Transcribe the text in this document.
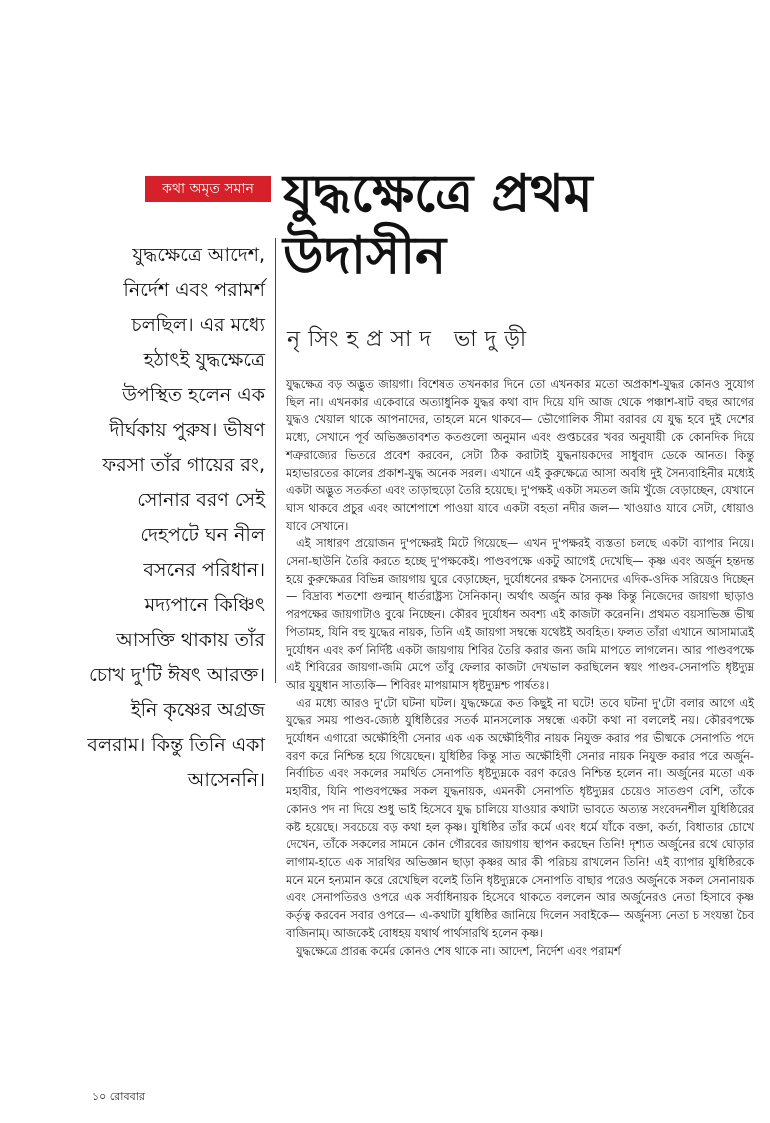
কথা অমৃত সমান যুদ্ধক্ষেত্রে প্রথম
উদাসীন
নৃসিংহপ্রসাদ ভাদুড়ী
যুদ্ধক্ষেত্রে আদেশ,
নির্দেশ এবং পরামর্শ
চলছিল। এর মধ্যে
হঠাৎই যুদ্ধক্ষেত্রে
উপস্থিত হলেন এক
দীর্ঘকায় পুরুষ। ভীষণ
ফরসা তাঁর গায়ের রং,
সোনার বরণ সেই
দেহপটে ঘন নীল
বসনের পরিধান।
মদ্যপানে কিঞ্চিৎ
আসক্তি থাকায় তাঁর
চোখ দু'টি ঈষৎ আরক্ত।
ইনি কৃষ্ণের অগ্রজ
বলরাম। কিন্তু তিনি একা
আসেননি।

যুদ্ধক্ষেত্র বড় অদ্ভুত জায়গা। বিশেষত তখনকার দিনে তো এখনকার মতো অপ্রকাশ-যুদ্ধর কোনও সুযোগ ছিল না। এখনকার একেবারে অত্যাধুনিক যুদ্ধর কথা বাদ দিয়ে যদি আজ থেকে পঞ্চাশ-ষাট বছর আগের যুদ্ধও খেয়াল থাকে আপনাদের, তাহলে মনে থাকবে— ভৌগোলিক সীমা বরাবর যে যুদ্ধ হবে দুই দেশের মধ্যে, সেখানে পূর্ব অভিজ্ঞতাবশত কতগুলো অনুমান এবং গুপ্তচরের খবর অনুযায়ী কে কোনদিক দিয়ে শত্রুরাজ্যের ভিতরে প্রবেশ করবেন, সেটা ঠিক করাটাই যুদ্ধনায়কদের সাধুবাদ ডেকে আনত। কিন্তু মহাভারতের কালের প্রকাশ-যুদ্ধ অনেক সরল। এখানে এই কুরুক্ষেত্রে আসা অবধি দুই সৈন্যবাহিনীর মধ্যেই একটা অদ্ভুত সতর্কতা এবং তাড়াহুড়ো তৈরি হয়েছে। দু'পক্ষই একটা সমতল জমি খুঁজে বেড়াচ্ছেন, যেখানে ঘাস থাকবে প্রচুর এবং আশেপাশে পাওয়া যাবে একটা বহতা নদীর জল— খাওয়াও যাবে সেটা, ধোয়াও যাবে সেখানে।

এই সাধারণ প্রয়োজন দু'পক্ষেরই মিটে গিয়েছে— এখন দু'পক্ষরই ব্যস্ততা চলছে একটা ব্যাপার নিয়ে। সেনা-ছাউনি তৈরি করতে হচ্ছে দু'পক্ষকেই। পাণ্ডবপক্ষে একটু আগেই দেখেছি— কৃষ্ণ এবং অর্জুন হন্তদন্ত হয়ে কুরুক্ষেত্রর বিভিন্ন জায়গায় ঘুরে বেড়াচ্ছেন, দুর্যোধনের রক্ষক সৈন্যদের এদিক-ওদিক সরিয়েও দিচ্ছেন— বিদ্রাব্য শতশো গুল্মান্ ধার্তরাষ্ট্রস্য সৈনিকান্। অর্থাৎ অর্জুন আর কৃষ্ণ কিন্তু নিজেদের জায়গা ছাড়াও পরপক্ষের জায়গাটাও বুঝে নিচ্ছেন। কৌরব দুর্যোধন অবশ্য এই কাজটা করেননি। প্রথমত বয়সাভিজ্ঞ ভীষ্ম পিতামহ, যিনি বহু যুদ্ধের নায়ক, তিনি এই জায়গা সম্বন্ধে যথেষ্টই অবহিত। ফলত তাঁরা এখানে আসামাত্রই দুর্যোধন এবং কর্ণ নির্দিষ্ট একটা জায়গায় শিবির তৈরি করার জন্য জমি মাপতে লাগলেন। আর পাণ্ডবপক্ষে এই শিবিরের জায়গা-জমি মেপে তাঁবু ফেলার কাজটা দেখভাল করছিলেন স্বয়ং পাণ্ডব-সেনাপতি ধৃষ্টদ্যুম্ন আর যুযুধান সাত্যকি— শিবিরং মাপয়ামাস ধৃষ্টদ্যুম্নশ্চ পার্ষতঃ।

এর মধ্যে আরও দু'টো ঘটনা ঘটল। যুদ্ধক্ষেত্রে কত কিছুই না ঘটে! তবে ঘটনা দু'টো বলার আগে এই যুদ্ধের সময় পাণ্ডব-জ্যেষ্ঠ যুধিষ্ঠিরের সতর্ক মানসলোক সম্বন্ধে একটা কথা না বললেই নয়। কৌরবপক্ষে দুর্যোধন এগারো অক্ষৌহিণী সেনার এক এক অক্ষৌহিণীর নায়ক নিযুক্ত করার পর ভীষ্মকে সেনাপতি পদে বরণ করে নিশ্চিন্ত হয়ে গিয়েছেন। যুধিষ্ঠির কিন্তু সাত অক্ষৌহিণী সেনার নায়ক নিযুক্ত করার পরে অর্জুন-নির্বাচিত এবং সকলের সমর্থিত সেনাপতি ধৃষ্টদ্যুম্নকে বরণ করেও নিশ্চিন্ত হলেন না। অর্জুনের মতো এক মহাবীর, যিনি পাণ্ডবপক্ষের সকল যুদ্ধনায়ক, এমনকী সেনাপতি ধৃষ্টদ্যুম্নর চেয়েও সাতগুণ বেশি, তাঁকে কোনও পদ না দিয়ে শুধু ভাই হিসেবে যুদ্ধ চালিয়ে যাওয়ার কথাটা ভাবতে অত্যন্ত সংবেদনশীল যুধিষ্ঠিরের কষ্ট হয়েছে। সবচেয়ে বড় কথা হল কৃষ্ণ। যুধিষ্ঠির তাঁর কর্মে এবং ধর্মে যাঁকে বক্তা, কর্তা, বিধাতার চোখে দেখেন, তাঁকে সকলের সামনে কোন গৌরবের জায়গায় স্থাপন করছেন তিনি! দৃশ্যত অর্জুনের রথে ঘোড়ার লাগাম-হাতে এক সারথির অভিজ্ঞান ছাড়া কৃষ্ণর আর কী পরিচয় রাখলেন তিনি! এই ব্যাপার যুধিষ্ঠিরকে মনে মনে হন্যমান করে রেখেছিল বলেই তিনি ধৃষ্টদ্যুম্নকে সেনাপতি বাছার পরেও অর্জুনকে সকল সেনানায়ক এবং সেনাপতিরও ওপরে এক সর্বাধিনায়ক হিসেবে থাকতে বললেন আর অর্জুনেরও নেতা হিসাবে কৃষ্ণ কর্তৃত্ব করবেন সবার ওপরে— এ-কথাটা যুধিষ্ঠির জানিয়ে দিলেন সবাইকে— অর্জুনস্য নেতা চ সংযন্তা চৈব বাজিনাম্। আজকেই বোধহয় যথার্থ পার্থসারথি হলেন কৃষ্ণ।

যুদ্ধক্ষেত্রে প্রারব্ধ কর্মের কোনও শেষ থাকে না। আদেশ, নির্দেশ এবং পরামর্শ

১০ রোববার
